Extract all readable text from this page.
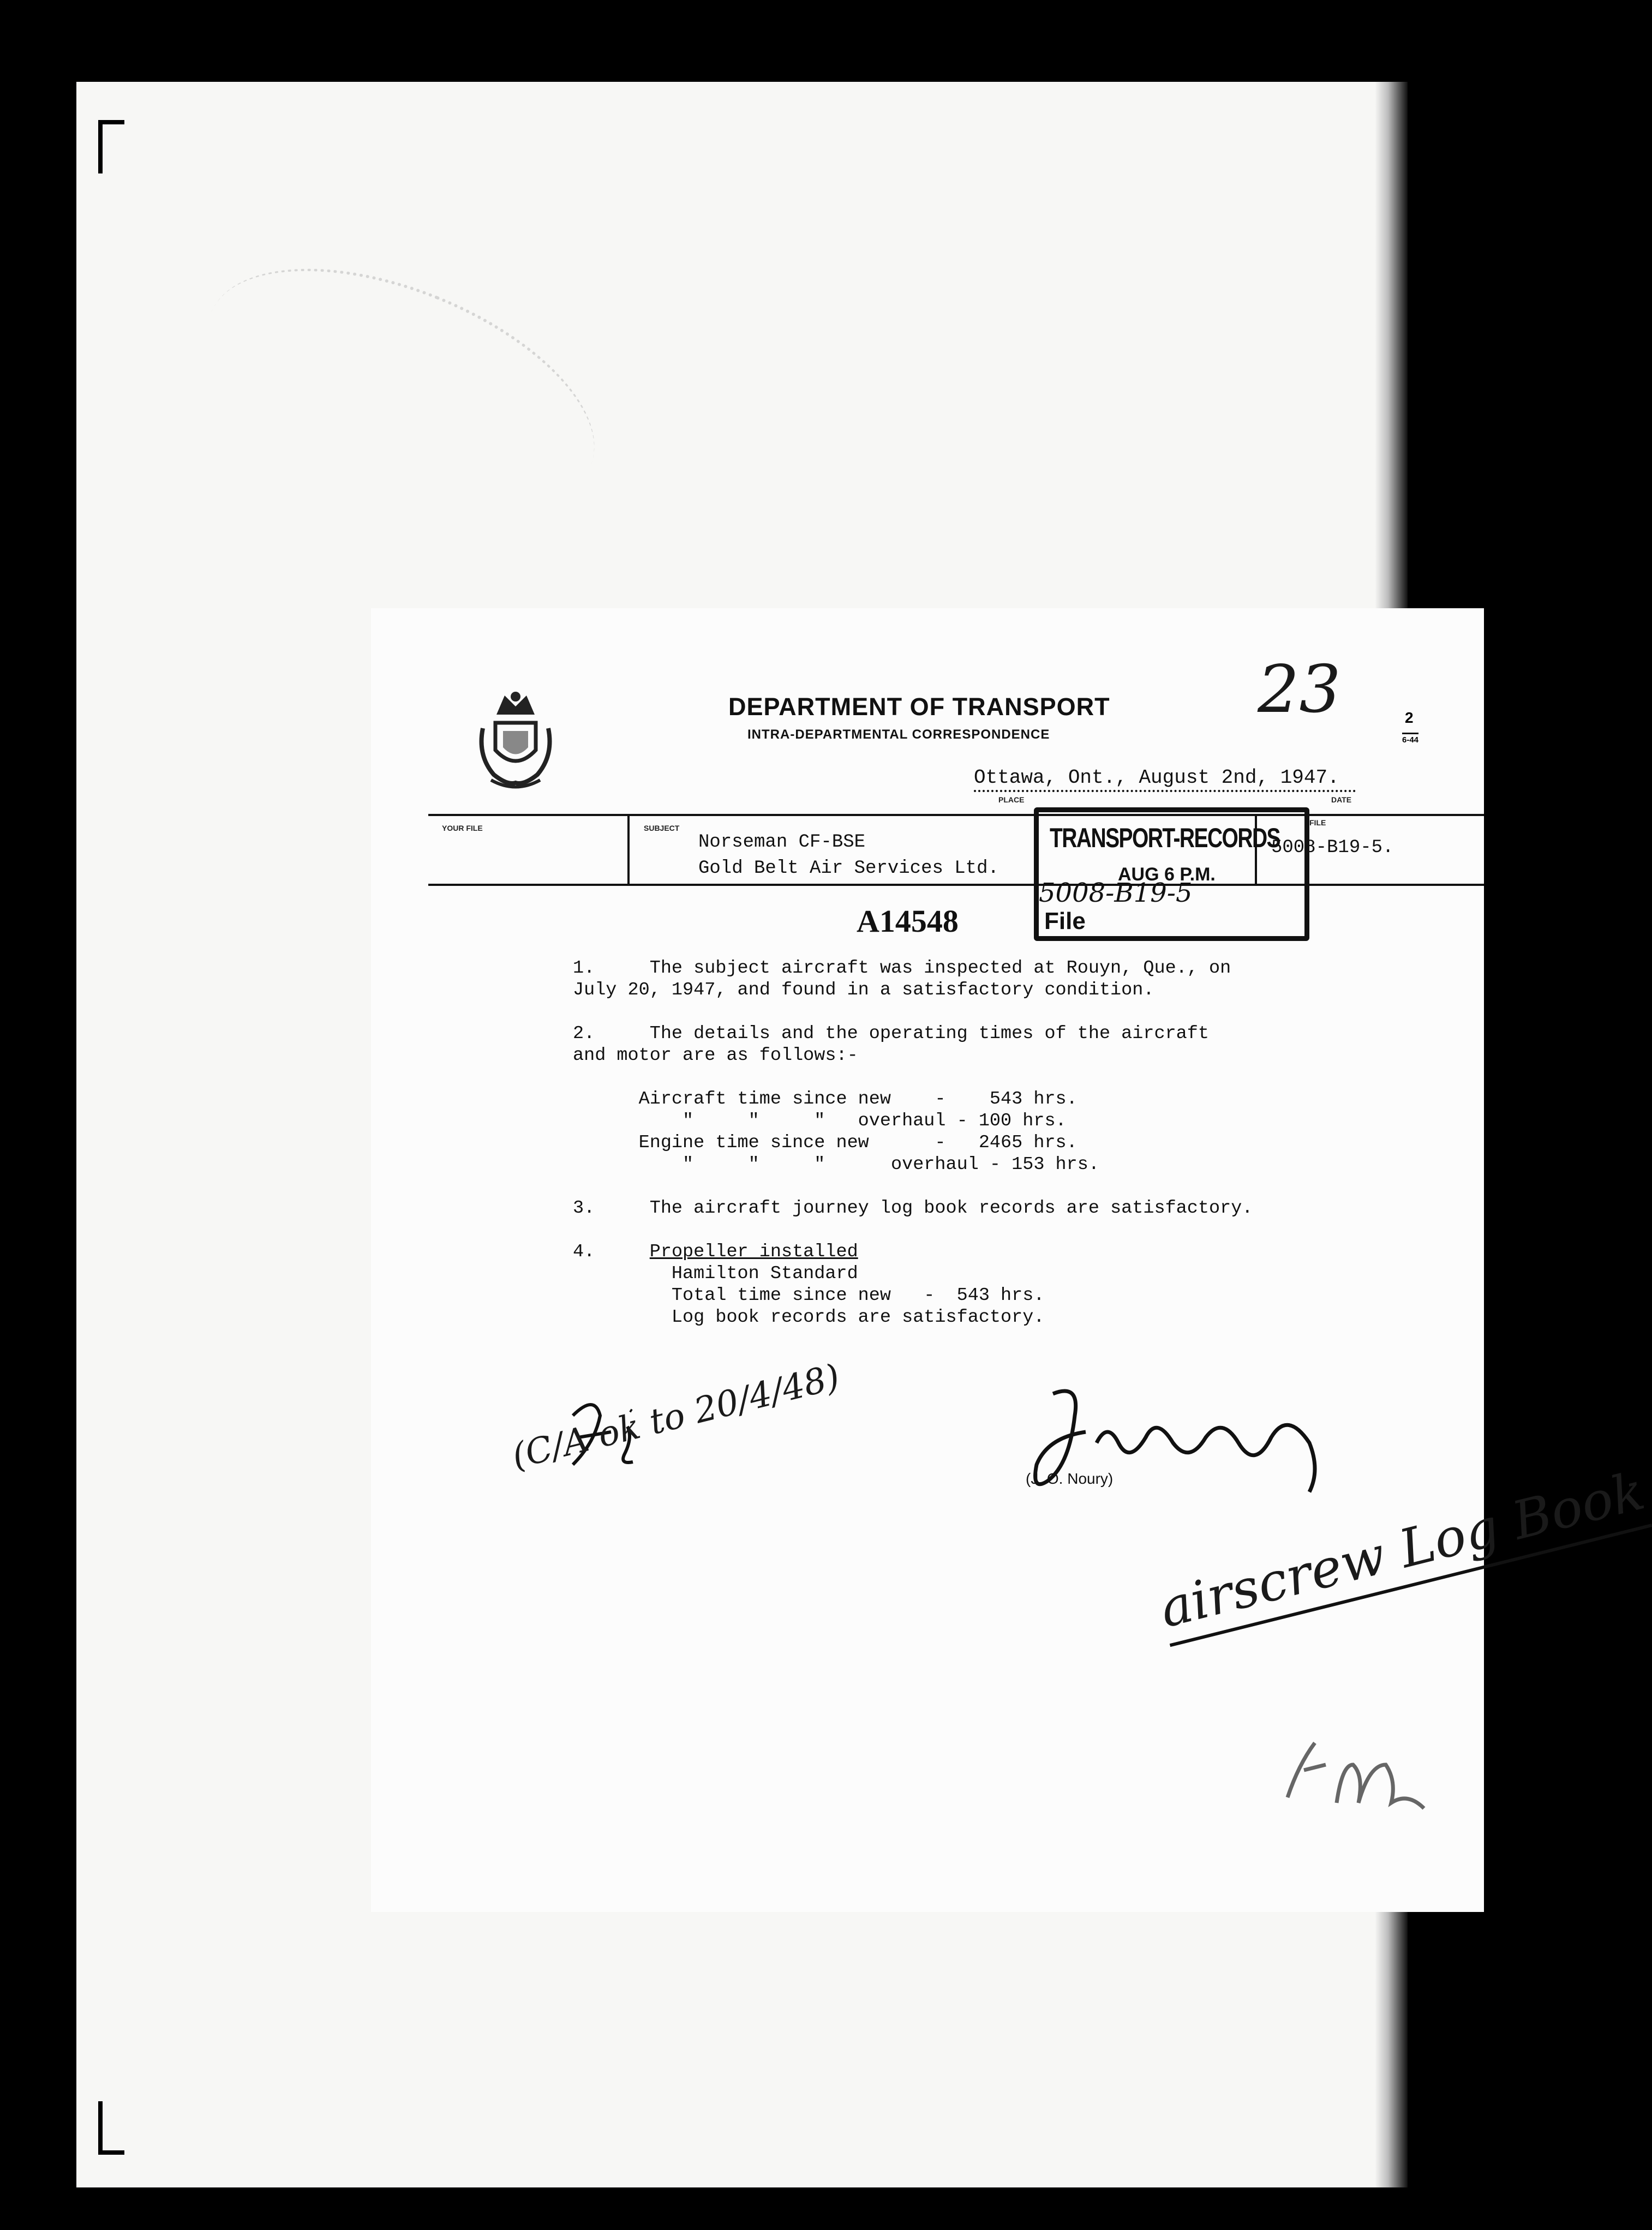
DEPARTMENT OF TRANSPORT
INTRA-DEPARTMENTAL CORRESPONDENCE
2
6-44
23
Ottawa, Ont., August 2nd, 1947.
PLACE	DATE
YOUR FILE	SUBJECT
FILE
Norseman CF-BSE
Gold Belt Air Services Ltd.
5008-B19-5.
TRANSPORT-RECORDS
AUG 6 P.M.
5008-B19-5
File
A14548
1.     The subject aircraft was inspected at Rouyn, Que., on
July 20, 1947, and found in a satisfactory condition.

2.     The details and the operating times of the aircraft
and motor are as follows:-

Aircraft time since new    -    543 hrs.
"     "     "   overhaul - 100 hrs.
Engine time since new      -   2465 hrs.
"     "     "      overhaul - 153 hrs.

3.     The aircraft journey log book records are satisfactory.

4.     Propeller installed
Hamilton Standard
Total time since new   -  543 hrs.
Log book records are satisfactory.
(J. O. Noury)
(C/A ok to 20/4/48)
airscrew Log Book
